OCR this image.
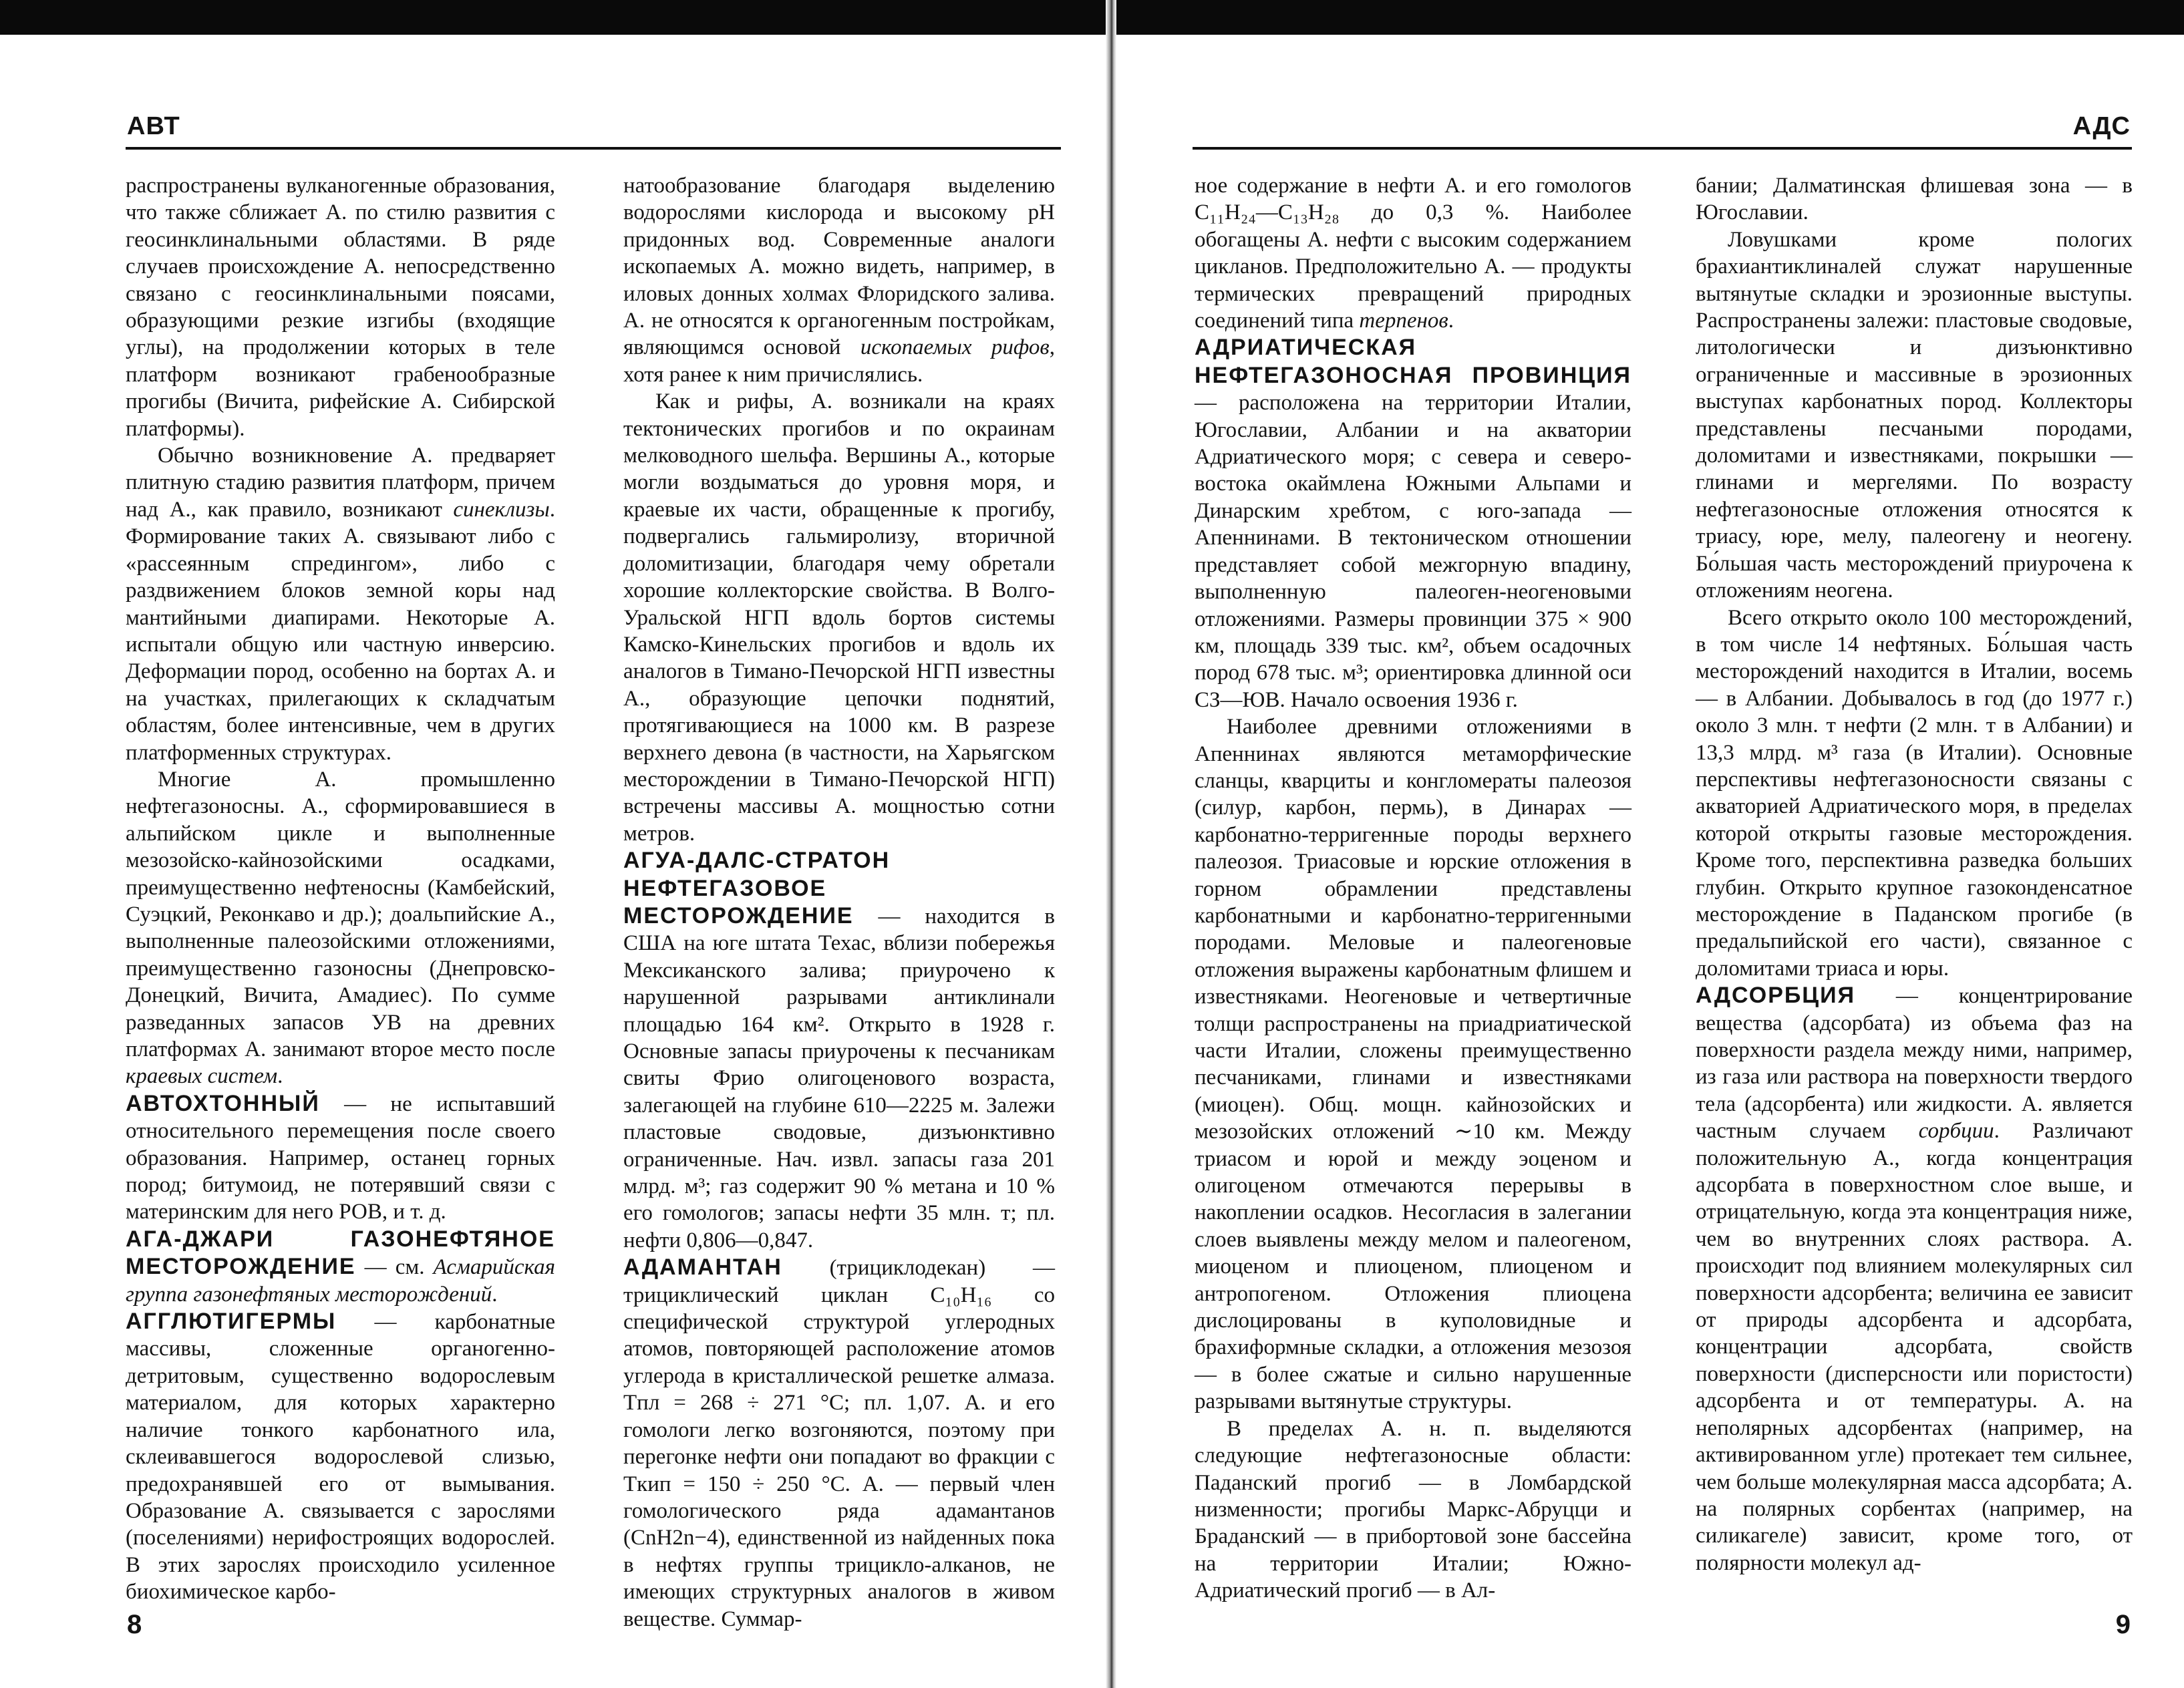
АВТ

распространены вулканогенные образования, что также сближает А. по стилю развития с геосинклинальными областями. В ряде случаев происхождение А. непосредственно связано с геосинклинальными поясами, образующими резкие изгибы (входящие углы), на продолжении которых в теле платформ возникают грабенообразные прогибы (Вичита, рифейские А. Сибирской платформы).

Обычно возникновение А. предваряет плитную стадию развития платформ, причем над А., как правило, возникают синеклизы. Формирование таких А. связывают либо с «рассеянным спредингом», либо с раздвижением блоков земной коры над мантийными диапирами. Некоторые А. испытали общую или частную инверсию. Деформации пород, особенно на бортах А. и на участках, прилегающих к складчатым областям, более интенсивные, чем в других платформенных структурах.

Многие А. промышленно нефтегазоносны. А., сформировавшиеся в альпийском цикле и выполненные мезозойско-кайнозойскими осадками, преимущественно нефтеносны (Камбейский, Суэцкий, Реконкаво и др.); доальпийские А., выполненные палеозойскими отложениями, преимущественно газоносны (Днепровско-Донецкий, Вичита, Амадиес). По сумме разведанных запасов УВ на древних платформах А. занимают второе место после краевых систем.

АВТОХТОННЫЙ — не испытавший относительного перемещения после своего образования. Например, останец горных пород; битумоид, не потерявший связи с материнским для него РОВ, и т. д.

АГА-ДЖАРИ ГАЗОНЕФТЯНОЕ МЕСТОРОЖДЕНИЕ — см. Асмарийская группа газонефтяных месторождений.

АГГЛЮТИГЕРМЫ — карбонатные массивы, сложенные органогенно-детритовым, существенно водорослевым материалом, для которых характерно наличие тонкого карбонатного ила, склеивавшегося водорослевой слизью, предохранявшей его от вымывания. Образование А. связывается с зарослями (поселениями) нерифостроящих водорослей. В этих зарослях происходило усиленное биохимическое карбо-

натообразование благодаря выделению водорослями кислорода и высокому pH придонных вод. Современные аналоги ископаемых А. можно видеть, например, в иловых донных холмах Флоридского залива. А. не относятся к органогенным постройкам, являющимся основой ископаемых рифов, хотя ранее к ним причислялись.

Как и рифы, А. возникали на краях тектонических прогибов и по окраинам мелководного шельфа. Вершины А., которые могли воздыматься до уровня моря, и краевые их части, обращенные к прогибу, подвергались гальмиролизу, вторичной доломитизации, благодаря чему обретали хорошие коллекторские свойства. В Волго-Уральской НГП вдоль бортов системы Камско-Кинельских прогибов и вдоль их аналогов в Тимано-Печорской НГП известны А., образующие цепочки поднятий, протягивающиеся на 1000 км. В разрезе верхнего девона (в частности, на Харьягском месторождении в Тимано-Печорской НГП) встречены массивы А. мощностью сотни метров.

АГУА-ДАЛС-СТРАТОН НЕФТЕГАЗОВОЕ МЕСТОРОЖДЕНИЕ — находится в США на юге штата Техас, вблизи побережья Мексиканского залива; приурочено к нарушенной разрывами антиклинали площадью 164 км². Открыто в 1928 г. Основные запасы приурочены к песчаникам свиты Фрио олигоценового возраста, залегающей на глубине 610—2225 м. Залежи пластовые сводовые, дизъюнктивно ограниченные. Нач. извл. запасы газа 201 млрд. м³; газ содержит 90 % метана и 10 % его гомологов; запасы нефти 35 млн. т; пл. нефти 0,806—0,847.

АДАМАНТАН (трициклодекан) — трициклический циклан C₁₀H₁₆ со специфической структурой углеродных атомов, повторяющей расположение атомов углерода в кристаллической решетке алмаза. Tпл = 268 ÷ 271 °C; пл. 1,07. А. и его гомологи легко возгоняются, поэтому при перегонке нефти они попадают во фракции с Tкип = 150 ÷ 250 °C. А. — первый член гомологического ряда адамантанов (CnH2n−4), единственной из найденных пока в нефтях группы трицикло-алканов, не имеющих структурных аналогов в живом веществе. Суммар-

8
АДС

ное содержание в нефти А. и его гомологов C₁₁H₂₄—C₁₃H₂₈ до 0,3 %. Наиболее обогащены А. нефти с высоким содержанием цикланов. Предположительно А. — продукты термических превращений природных соединений типа терпенов.

АДРИАТИЧЕСКАЯ НЕФТЕГАЗОНОСНАЯ ПРОВИНЦИЯ — расположена на территории Италии, Югославии, Албании и на акватории Адриатического моря; с севера и северо-востока окаймлена Южными Альпами и Динарским хребтом, с юго-запада — Апеннинами. В тектоническом отношении представляет собой межгорную впадину, выполненную палеоген-неогеновыми отложениями. Размеры провинции 375 × 900 км, площадь 339 тыс. км², объем осадочных пород 678 тыс. м³; ориентировка длинной оси СЗ—ЮВ. Начало освоения 1936 г.

Наиболее древними отложениями в Апеннинах являются метаморфические сланцы, кварциты и конгломераты палеозоя (силур, карбон, пермь), в Динарах — карбонатно-терригенные породы верхнего палеозоя. Триасовые и юрские отложения в горном обрамлении представлены карбонатными и карбонатно-терригенными породами. Меловые и палеогеновые отложения выражены карбонатным флишем и известняками. Неогеновые и четвертичные толщи распространены на приадриатической части Италии, сложены преимущественно песчаниками, глинами и известняками (миоцен). Общ. мощн. кайнозойских и мезозойских отложений ∼10 км. Между триасом и юрой и между эоценом и олигоценом отмечаются перерывы в накоплении осадков. Несогласия в залегании слоев выявлены между мелом и палеогеном, миоценом и плиоценом, плиоценом и антропогеном. Отложения плиоцена дислоцированы в куполовидные и брахиформные складки, а отложения мезозоя — в более сжатые и сильно нарушенные разрывами вытянутые структуры.

В пределах А. н. п. выделяются следующие нефтегазоносные области: Паданский прогиб — в Ломбардской низменности; прогибы Маркс-Абруцци и Браданский — в прибортовой зоне бассейна на территории Италии; Южно-Адриатический прогиб — в Ал-

бании; Далматинская флишевая зона — в Югославии.

Ловушками кроме пологих брахиантиклиналей служат нарушенные вытянутые складки и эрозионные выступы. Распространены залежи: пластовые сводовые, литологически и дизъюнктивно ограниченные и массивные в эрозионных выступах карбонатных пород. Коллекторы представлены песчаными породами, доломитами и известняками, покрышки — глинами и мергелями. По возрасту нефтегазоносные отложения относятся к триасу, юре, мелу, палеогену и неогену. Бо́льшая часть месторождений приурочена к отложениям неогена.

Всего открыто около 100 месторождений, в том числе 14 нефтяных. Бо́льшая часть месторождений находится в Италии, восемь — в Албании. Добывалось в год (до 1977 г.) около 3 млн. т нефти (2 млн. т в Албании) и 13,3 млрд. м³ газа (в Италии). Основные перспективы нефтегазоносности связаны с акваторией Адриатического моря, в пределах которой открыты газовые месторождения. Кроме того, перспективна разведка больших глубин. Открыто крупное газоконденсатное месторождение в Паданском прогибе (в предальпийской его части), связанное с доломитами триаса и юры.

АДСОРБЦИЯ — концентрирование вещества (адсорбата) из объема фаз на поверхности раздела между ними, например, из газа или раствора на поверхности твердого тела (адсорбента) или жидкости. А. является частным случаем сорбции. Различают положительную А., когда концентрация адсорбата в поверхностном слое выше, и отрицательную, когда эта концентрация ниже, чем во внутренних слоях раствора. А. происходит под влиянием молекулярных сил поверхности адсорбента; величина ее зависит от природы адсорбента и адсорбата, концентрации адсорбата, свойств поверхности (дисперсности или пористости) адсорбента и от температуры. А. на неполярных адсорбентах (например, на активированном угле) протекает тем сильнее, чем больше молекулярная масса адсорбата; А. на полярных сорбентах (например, на силикагеле) зависит, кроме того, от полярности молекул ад-

9
